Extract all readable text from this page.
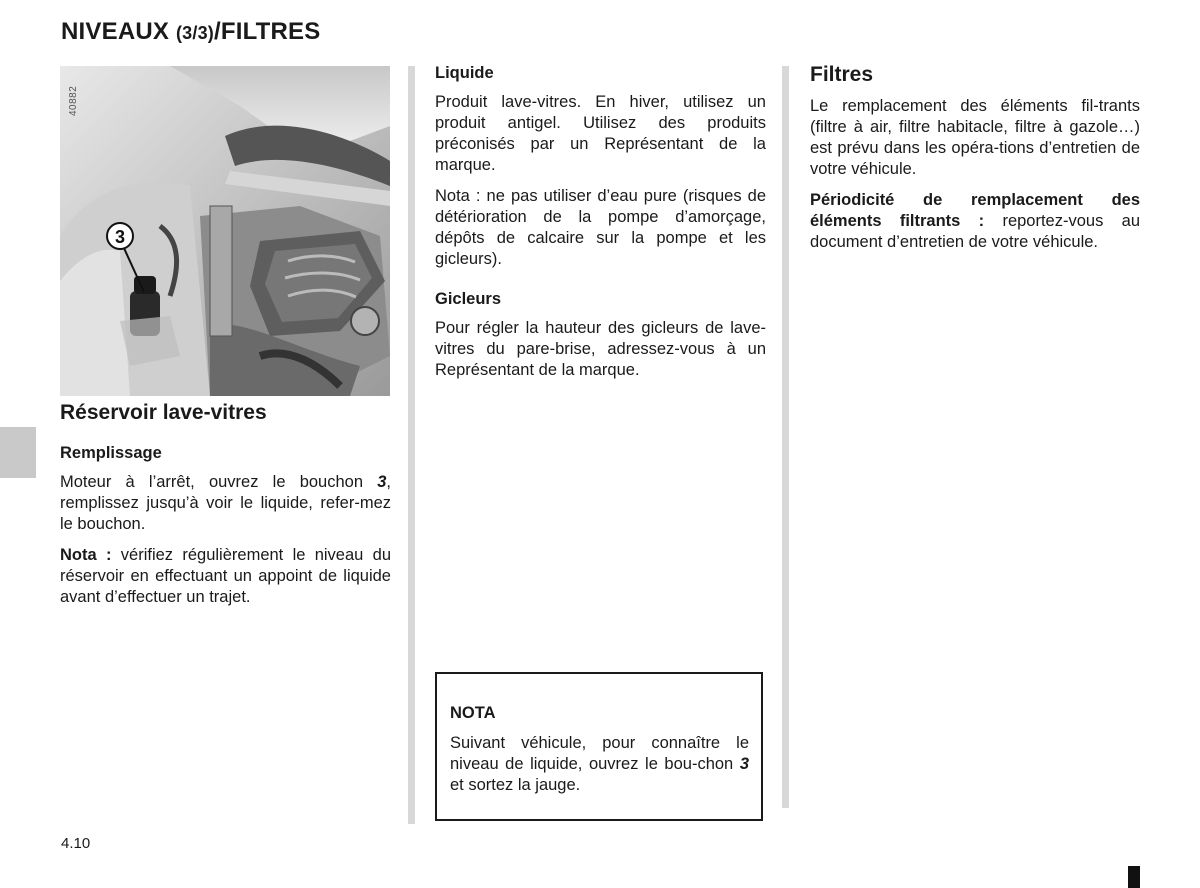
NIVEAUX (3/3)/FILTRES
3
40882
Réservoir lave-vitres
Remplissage

Moteur à l’arrêt, ouvrez le bouchon 3, remplissez jusqu’à voir le liquide, refer-mez le bouchon.

Nota : vérifiez régulièrement le niveau du réservoir en effectuant un appoint de liquide avant d’effectuer un trajet.

Liquide

Produit lave-vitres. En hiver, utilisez un produit antigel. Utilisez des produits préconisés par un Représentant de la marque.

Nota : ne pas utiliser d’eau pure (risques de détérioration de la pompe d’amorçage, dépôts de calcaire sur la pompe et les gicleurs).

Gicleurs

Pour régler la hauteur des gicleurs de lave-vitres du pare-brise, adressez-vous à un Représentant de la marque.

NOTA

Suivant véhicule, pour connaître le niveau de liquide, ouvrez le bou-chon 3 et sortez la jauge.

Filtres

Le remplacement des éléments fil-trants (filtre à air, filtre habitacle, filtre à gazole…) est prévu dans les opéra-tions d’entretien de votre véhicule.

Périodicité de remplacement des éléments filtrants : reportez-vous au document d’entretien de votre véhicule.

4.10
